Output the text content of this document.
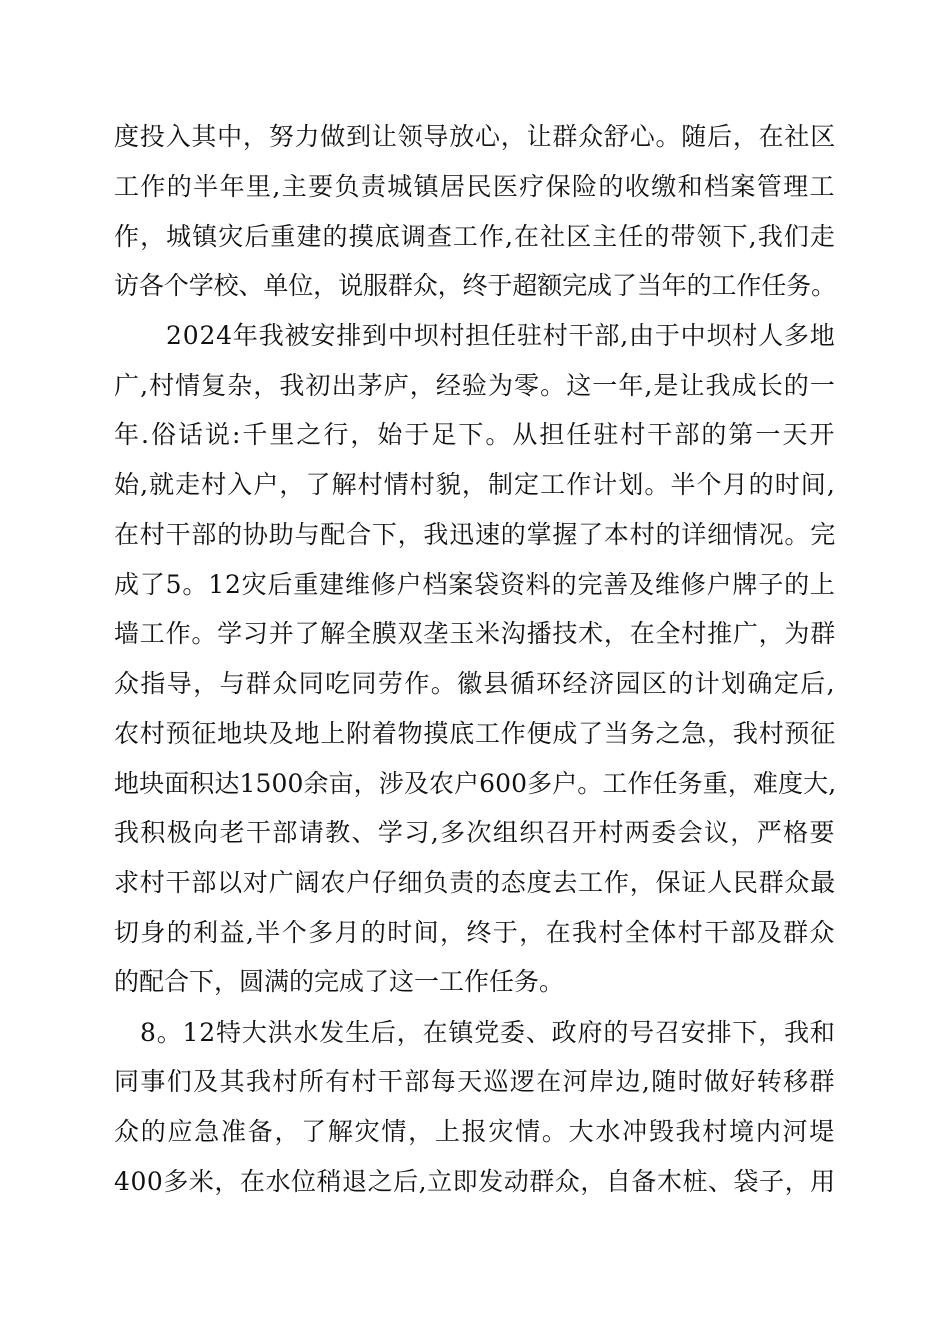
度投入其中，努力做到让领导放心，让群众舒心。随后，在社区
工作的半年里,主要负责城镇居民医疗保险的收缴和档案管理工
作，城镇灾后重建的摸底调查工作,在社区主任的带领下,我们走
访各个学校、单位，说服群众，终于超额完成了当年的工作任务。
2024年我被安排到中坝村担任驻村干部,由于中坝村人多地
广,村情复杂，我初出茅庐，经验为零。这一年,是让我成长的一
年.俗话说:千里之行，始于足下。从担任驻村干部的第一天开
始,就走村入户，了解村情村貌，制定工作计划。半个月的时间,
在村干部的协助与配合下，我迅速的掌握了本村的详细情况。完
成了5。12灾后重建维修户档案袋资料的完善及维修户牌子的上
墙工作。学习并了解全膜双垄玉米沟播技术，在全村推广，为群
众指导，与群众同吃同劳作。徽县循环经济园区的计划确定后,
农村预征地块及地上附着物摸底工作便成了当务之急，我村预征
地块面积达1500余亩，涉及农户600多户。工作任务重，难度大,
我积极向老干部请教、学习,多次组织召开村两委会议，严格要
求村干部以对广阔农户仔细负责的态度去工作，保证人民群众最
切身的利益,半个多月的时间，终于，在我村全体村干部及群众
的配合下，圆满的完成了这一工作任务。
8。12特大洪水发生后，在镇党委、政府的号召安排下，我和
同事们及其我村所有村干部每天巡逻在河岸边,随时做好转移群
众的应急准备，了解灾情，上报灾情。大水冲毁我村境内河堤
400多米，在水位稍退之后,立即发动群众，自备木桩、袋子，用
